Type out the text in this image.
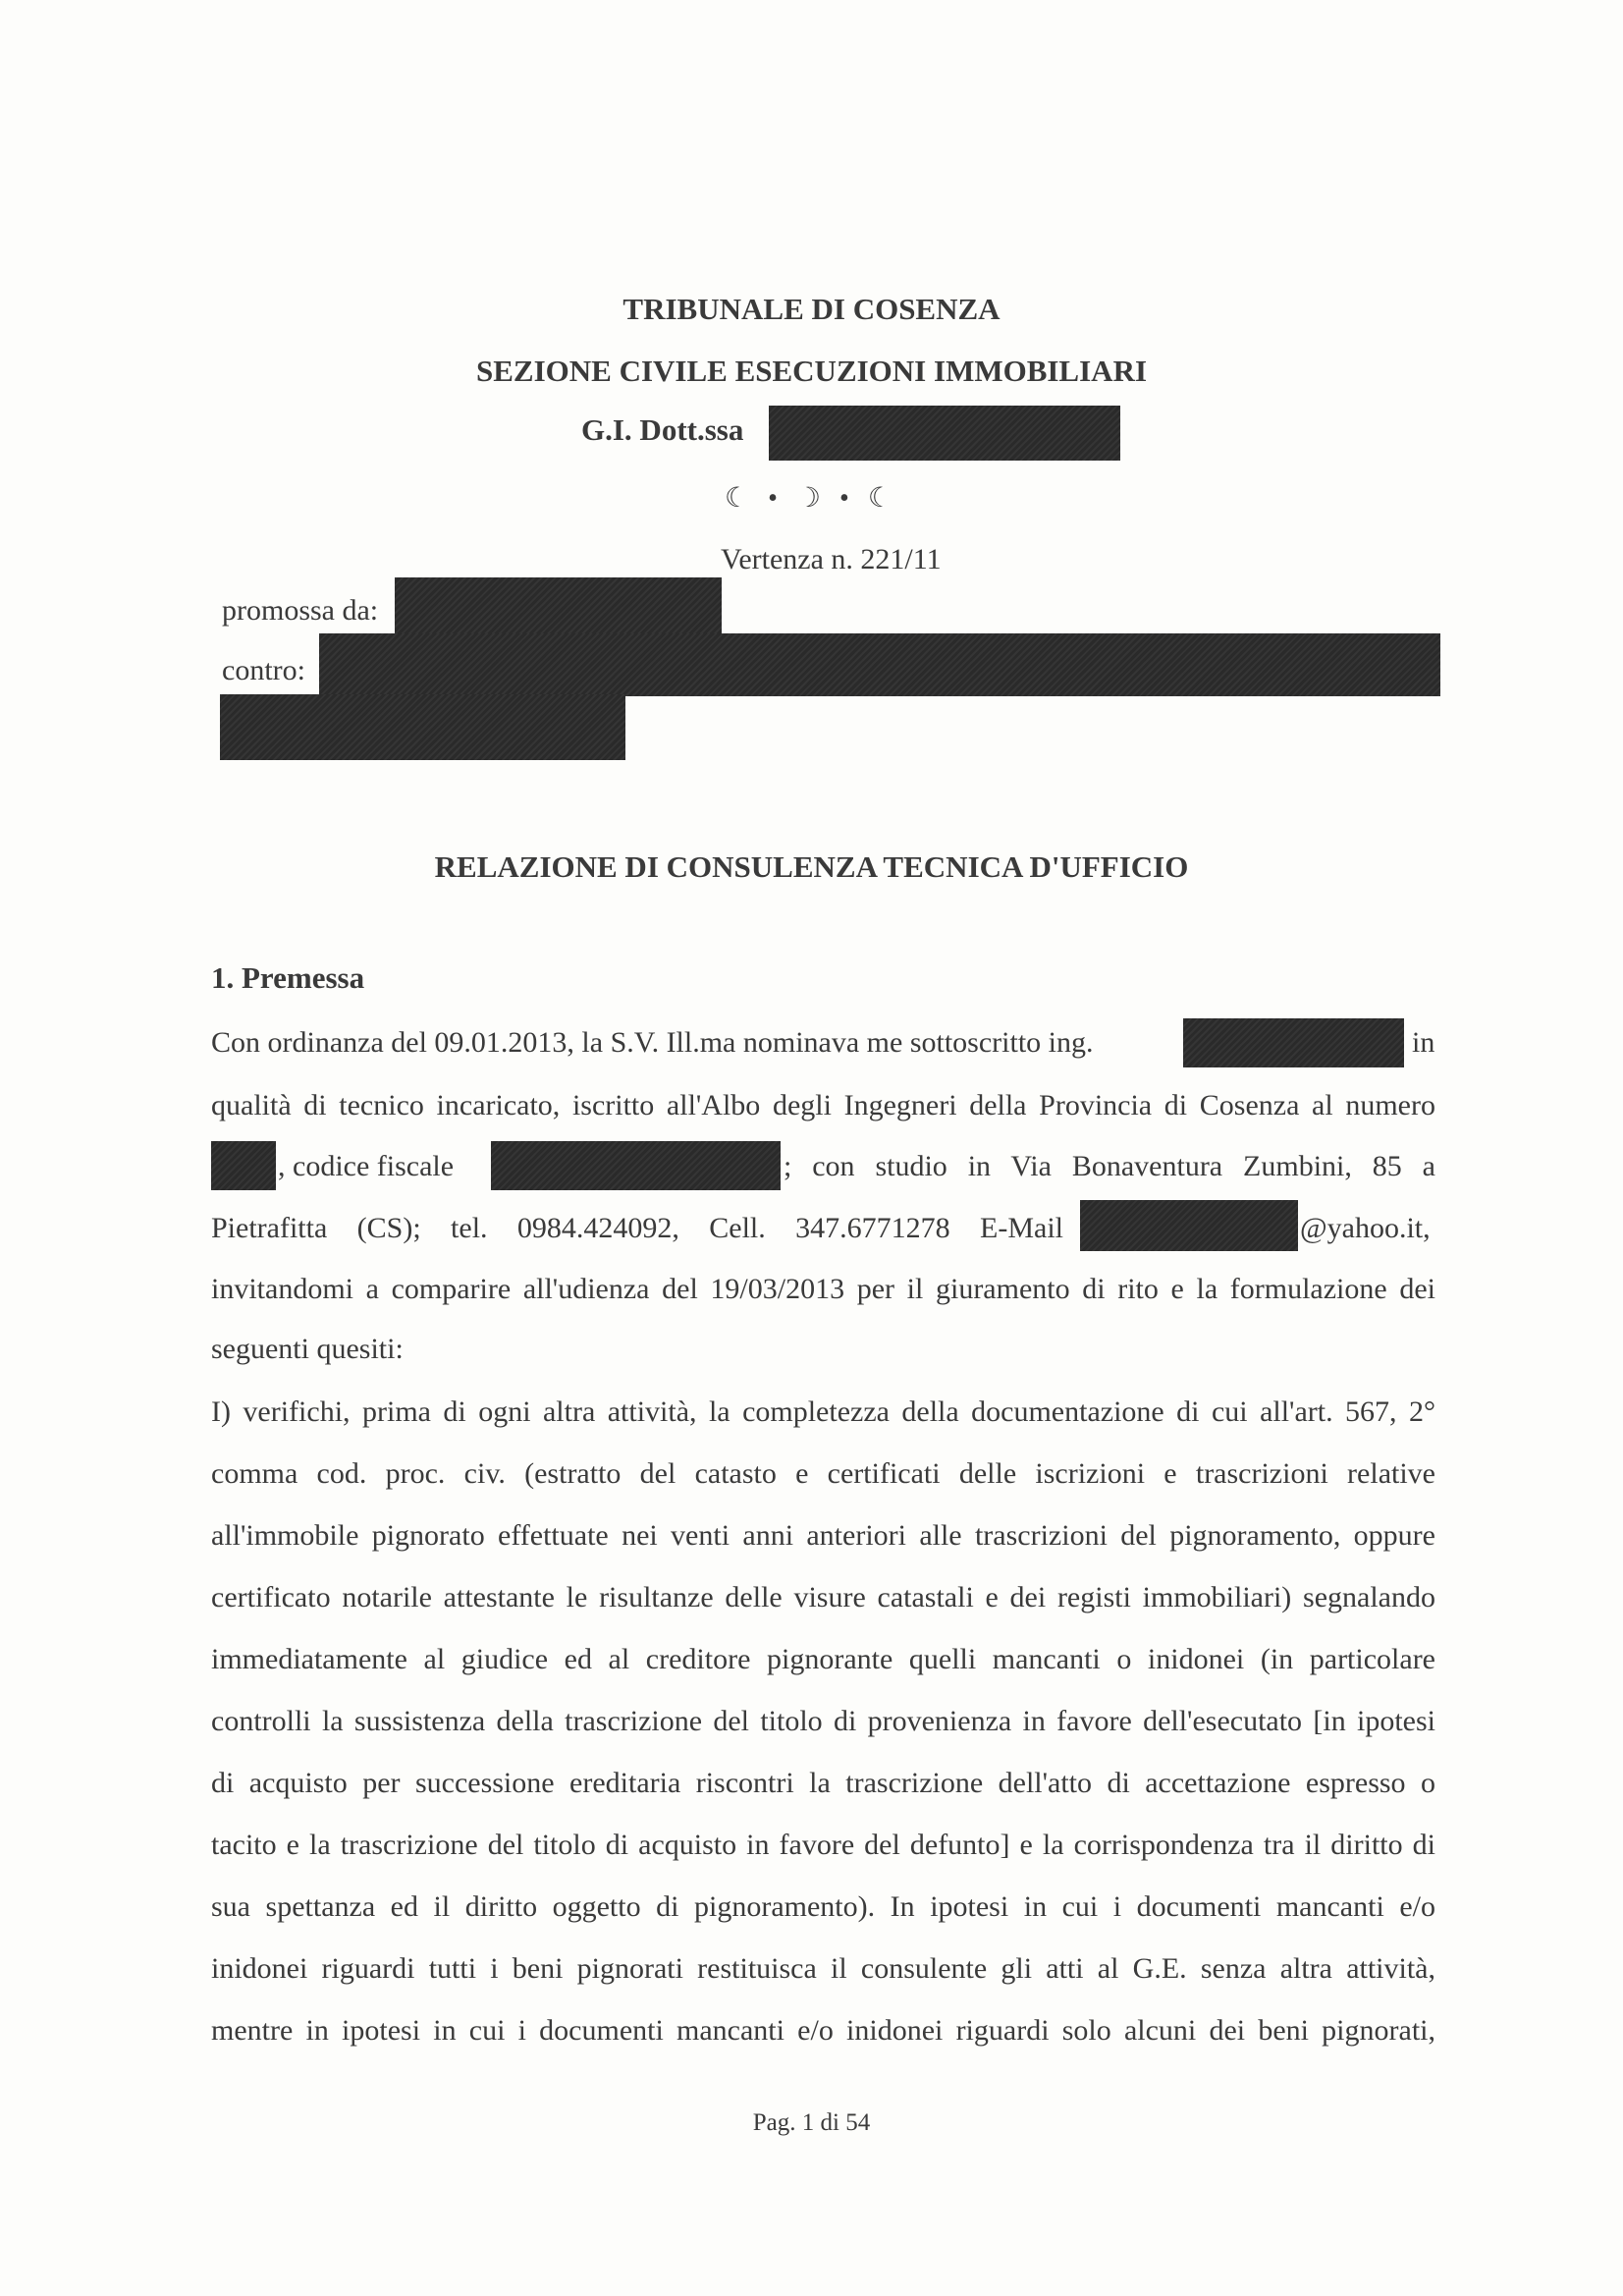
TRIBUNALE DI COSENZA
SEZIONE CIVILE ESECUZIONI IMMOBILIARI
G.I. Dott.ssa
☾ • ☽ • ☾
Vertenza n. 221/11
promossa da:
contro:
RELAZIONE DI CONSULENZA TECNICA D'UFFICIO
1. Premessa
Con ordinanza del 09.01.2013, la S.V. Ill.ma nominava me sottoscritto ing.	in
qualità di tecnico incaricato, iscritto all'Albo degli Ingegneri della Provincia di Cosenza al numero
, codice fiscale	; con studio in Via Bonaventura Zumbini, 85 a
Pietrafitta (CS); tel. 0984.424092, Cell. 347.6771278 E-Mail	@yahoo.it,
invitandomi a comparire all'udienza del 19/03/2013 per il giuramento di rito e la formulazione dei
seguenti quesiti:
I) verifichi, prima di ogni altra attività, la completezza della documentazione di cui all'art. 567, 2°
comma cod. proc. civ. (estratto del catasto e certificati delle iscrizioni e trascrizioni relative
all'immobile pignorato effettuate nei venti anni anteriori alle trascrizioni del pignoramento, oppure
certificato notarile attestante le risultanze delle visure catastali e dei registi immobiliari) segnalando
immediatamente al giudice ed al creditore pignorante quelli mancanti o inidonei (in particolare
controlli la sussistenza della trascrizione del titolo di provenienza in favore dell'esecutato [in ipotesi
di acquisto per successione ereditaria riscontri la trascrizione dell'atto di accettazione espresso o
tacito e la trascrizione del titolo di acquisto in favore del defunto] e la corrispondenza tra il diritto di
sua spettanza ed il diritto oggetto di pignoramento). In ipotesi in cui i documenti mancanti e/o
inidonei riguardi tutti i beni pignorati restituisca il consulente gli atti al G.E. senza altra attività,
mentre in ipotesi in cui i documenti mancanti e/o inidonei riguardi solo alcuni dei beni pignorati,
Pag. 1 di 54
